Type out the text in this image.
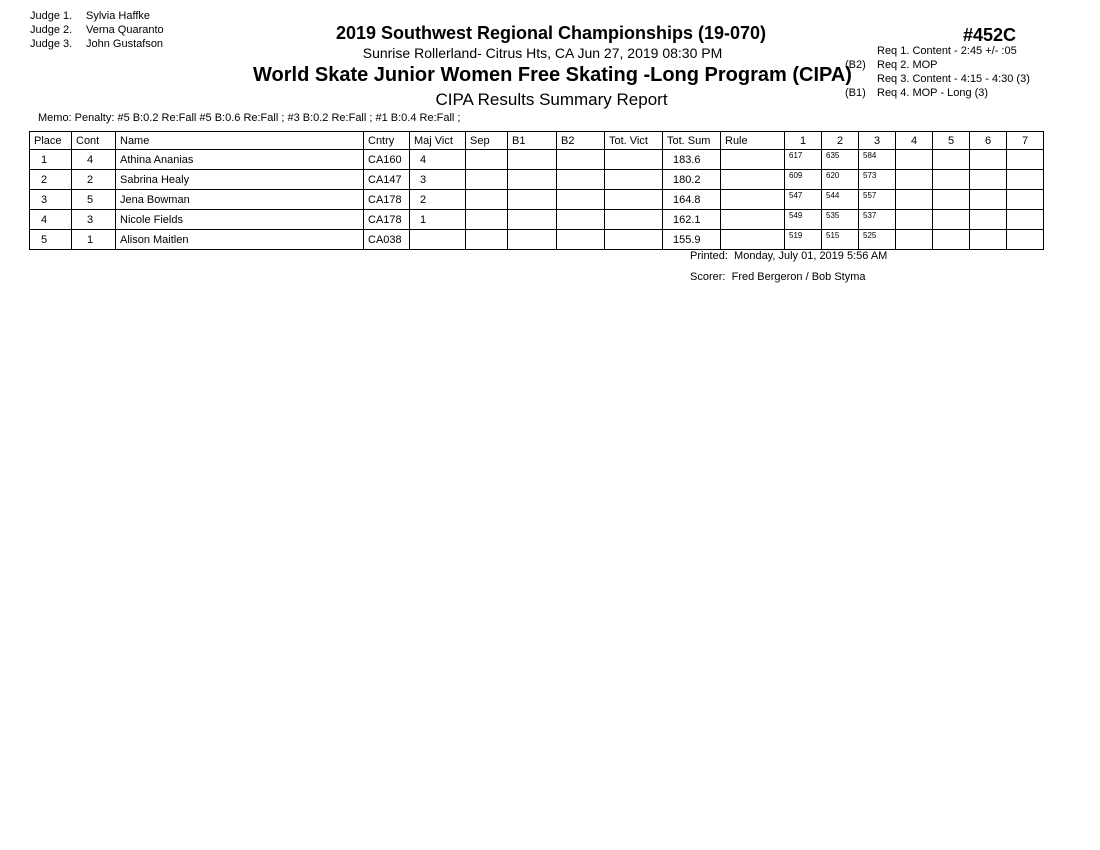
Judge 1. Sylvia Haffke
Judge 2. Verna Quaranto
Judge 3. John Gustafson
2019 Southwest Regional Championships (19-070)
Sunrise Rollerland- Citrus Hts, CA Jun 27, 2019 08:30 PM
World Skate Junior Women Free Skating -Long Program (CIPA)
CIPA Results Summary Report
#452C
Req 1. Content - 2:45 +/- :05
(B2) Req 2. MOP
Req 3. Content - 4:15 - 4:30 (3)
(B1) Req 4. MOP - Long (3)
Memo: Penalty: #5 B:0.2 Re:Fall #5 B:0.6 Re:Fall ; #3 B:0.2 Re:Fall ; #1 B:0.4 Re:Fall ;
Place	Cont	Name	Cntry	Maj Vict	Sep	B1	B2	Tot. Vict	Tot. Sum	Rule	1	2	3	4	5	6	7
1	4	Athina Ananias	CA160	4					183.6		617	635	584				
2	2	Sabrina Healy	CA147	3					180.2		609	620	573				
3	5	Jena Bowman	CA178	2					164.8		547	544	557				
4	3	Nicole Fields	CA178	1					162.1		549	535	537				
5	1	Alison Maitlen	CA038						155.9		519	515	525				
Printed: Monday, July 01, 2019 5:56 AM
Scorer: Fred Bergeron / Bob Styma
